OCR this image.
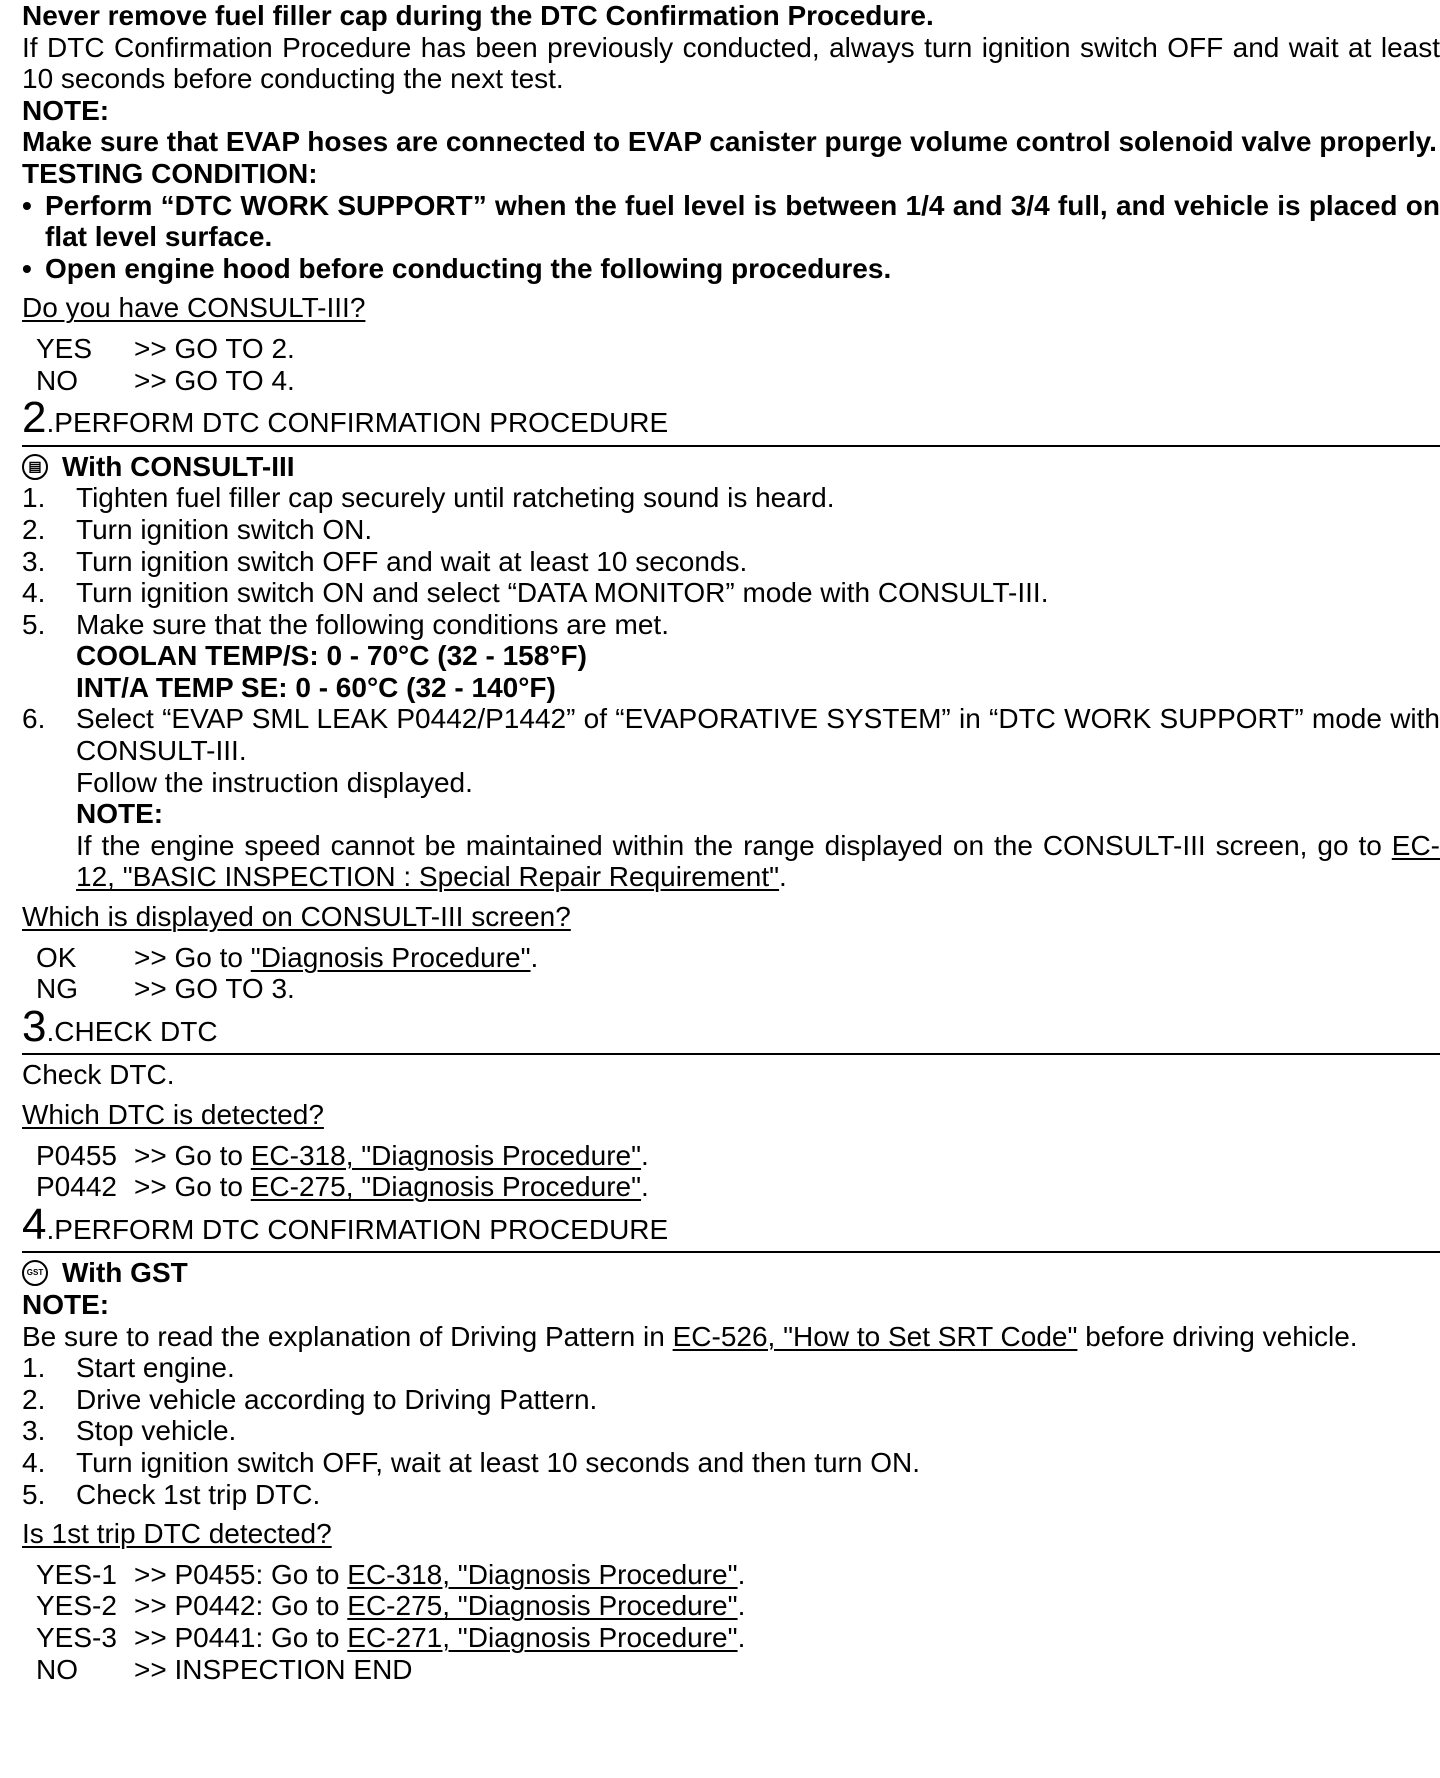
Never remove fuel filler cap during the DTC Confirmation Procedure.
If DTC Confirmation Procedure has been previously conducted, always turn ignition switch OFF and wait at least 10 seconds before conducting the next test.
NOTE:
Make sure that EVAP hoses are connected to EVAP canister purge volume control solenoid valve properly.
TESTING CONDITION:
• Perform “DTC WORK SUPPORT” when the fuel level is between 1/4 and 3/4 full, and vehicle is placed on flat level surface.
• Open engine hood before conducting the following procedures.
Do you have CONSULT-III?
YES	>> GO TO 2.
NO	>> GO TO 4.
2 . PERFORM DTC CONFIRMATION PROCEDURE
▤ With CONSULT-III
1.	Tighten fuel filler cap securely until ratcheting sound is heard.
2.	Turn ignition switch ON.
3.	Turn ignition switch OFF and wait at least 10 seconds.
4.	Turn ignition switch ON and select “DATA MONITOR” mode with CONSULT-III.
5.	Make sure that the following conditions are met.
COOLAN TEMP/S: 0 - 70°C (32 - 158°F)
INT/A TEMP SE: 0 - 60°C (32 - 140°F)
6.	Select “EVAP SML LEAK P0442/P1442” of “EVAPORATIVE SYSTEM” in “DTC WORK SUPPORT” mode with CONSULT-III.
Follow the instruction displayed.
NOTE:
If the engine speed cannot be maintained within the range displayed on the CONSULT-III screen, go to EC-12, "BASIC INSPECTION : Special Repair Requirement".
Which is displayed on CONSULT-III screen?
OK	>> Go to "Diagnosis Procedure".
NG	>> GO TO 3.
3 . CHECK DTC
Check DTC.
Which DTC is detected?
P0455 >> Go to EC-318, "Diagnosis Procedure".
P0442 >> Go to EC-275, "Diagnosis Procedure".
4 . PERFORM DTC CONFIRMATION PROCEDURE
GST With GST
NOTE:
Be sure to read the explanation of Driving Pattern in EC-526, "How to Set SRT Code" before driving vehicle.
1.	Start engine.
2.	Drive vehicle according to Driving Pattern.
3.	Stop vehicle.
4.	Turn ignition switch OFF, wait at least 10 seconds and then turn ON.
5.	Check 1st trip DTC.
Is 1st trip DTC detected?
YES-1 >> P0455: Go to EC-318, "Diagnosis Procedure".
YES-2 >> P0442: Go to EC-275, "Diagnosis Procedure".
YES-3 >> P0441: Go to EC-271, "Diagnosis Procedure".
NO	>> INSPECTION END
